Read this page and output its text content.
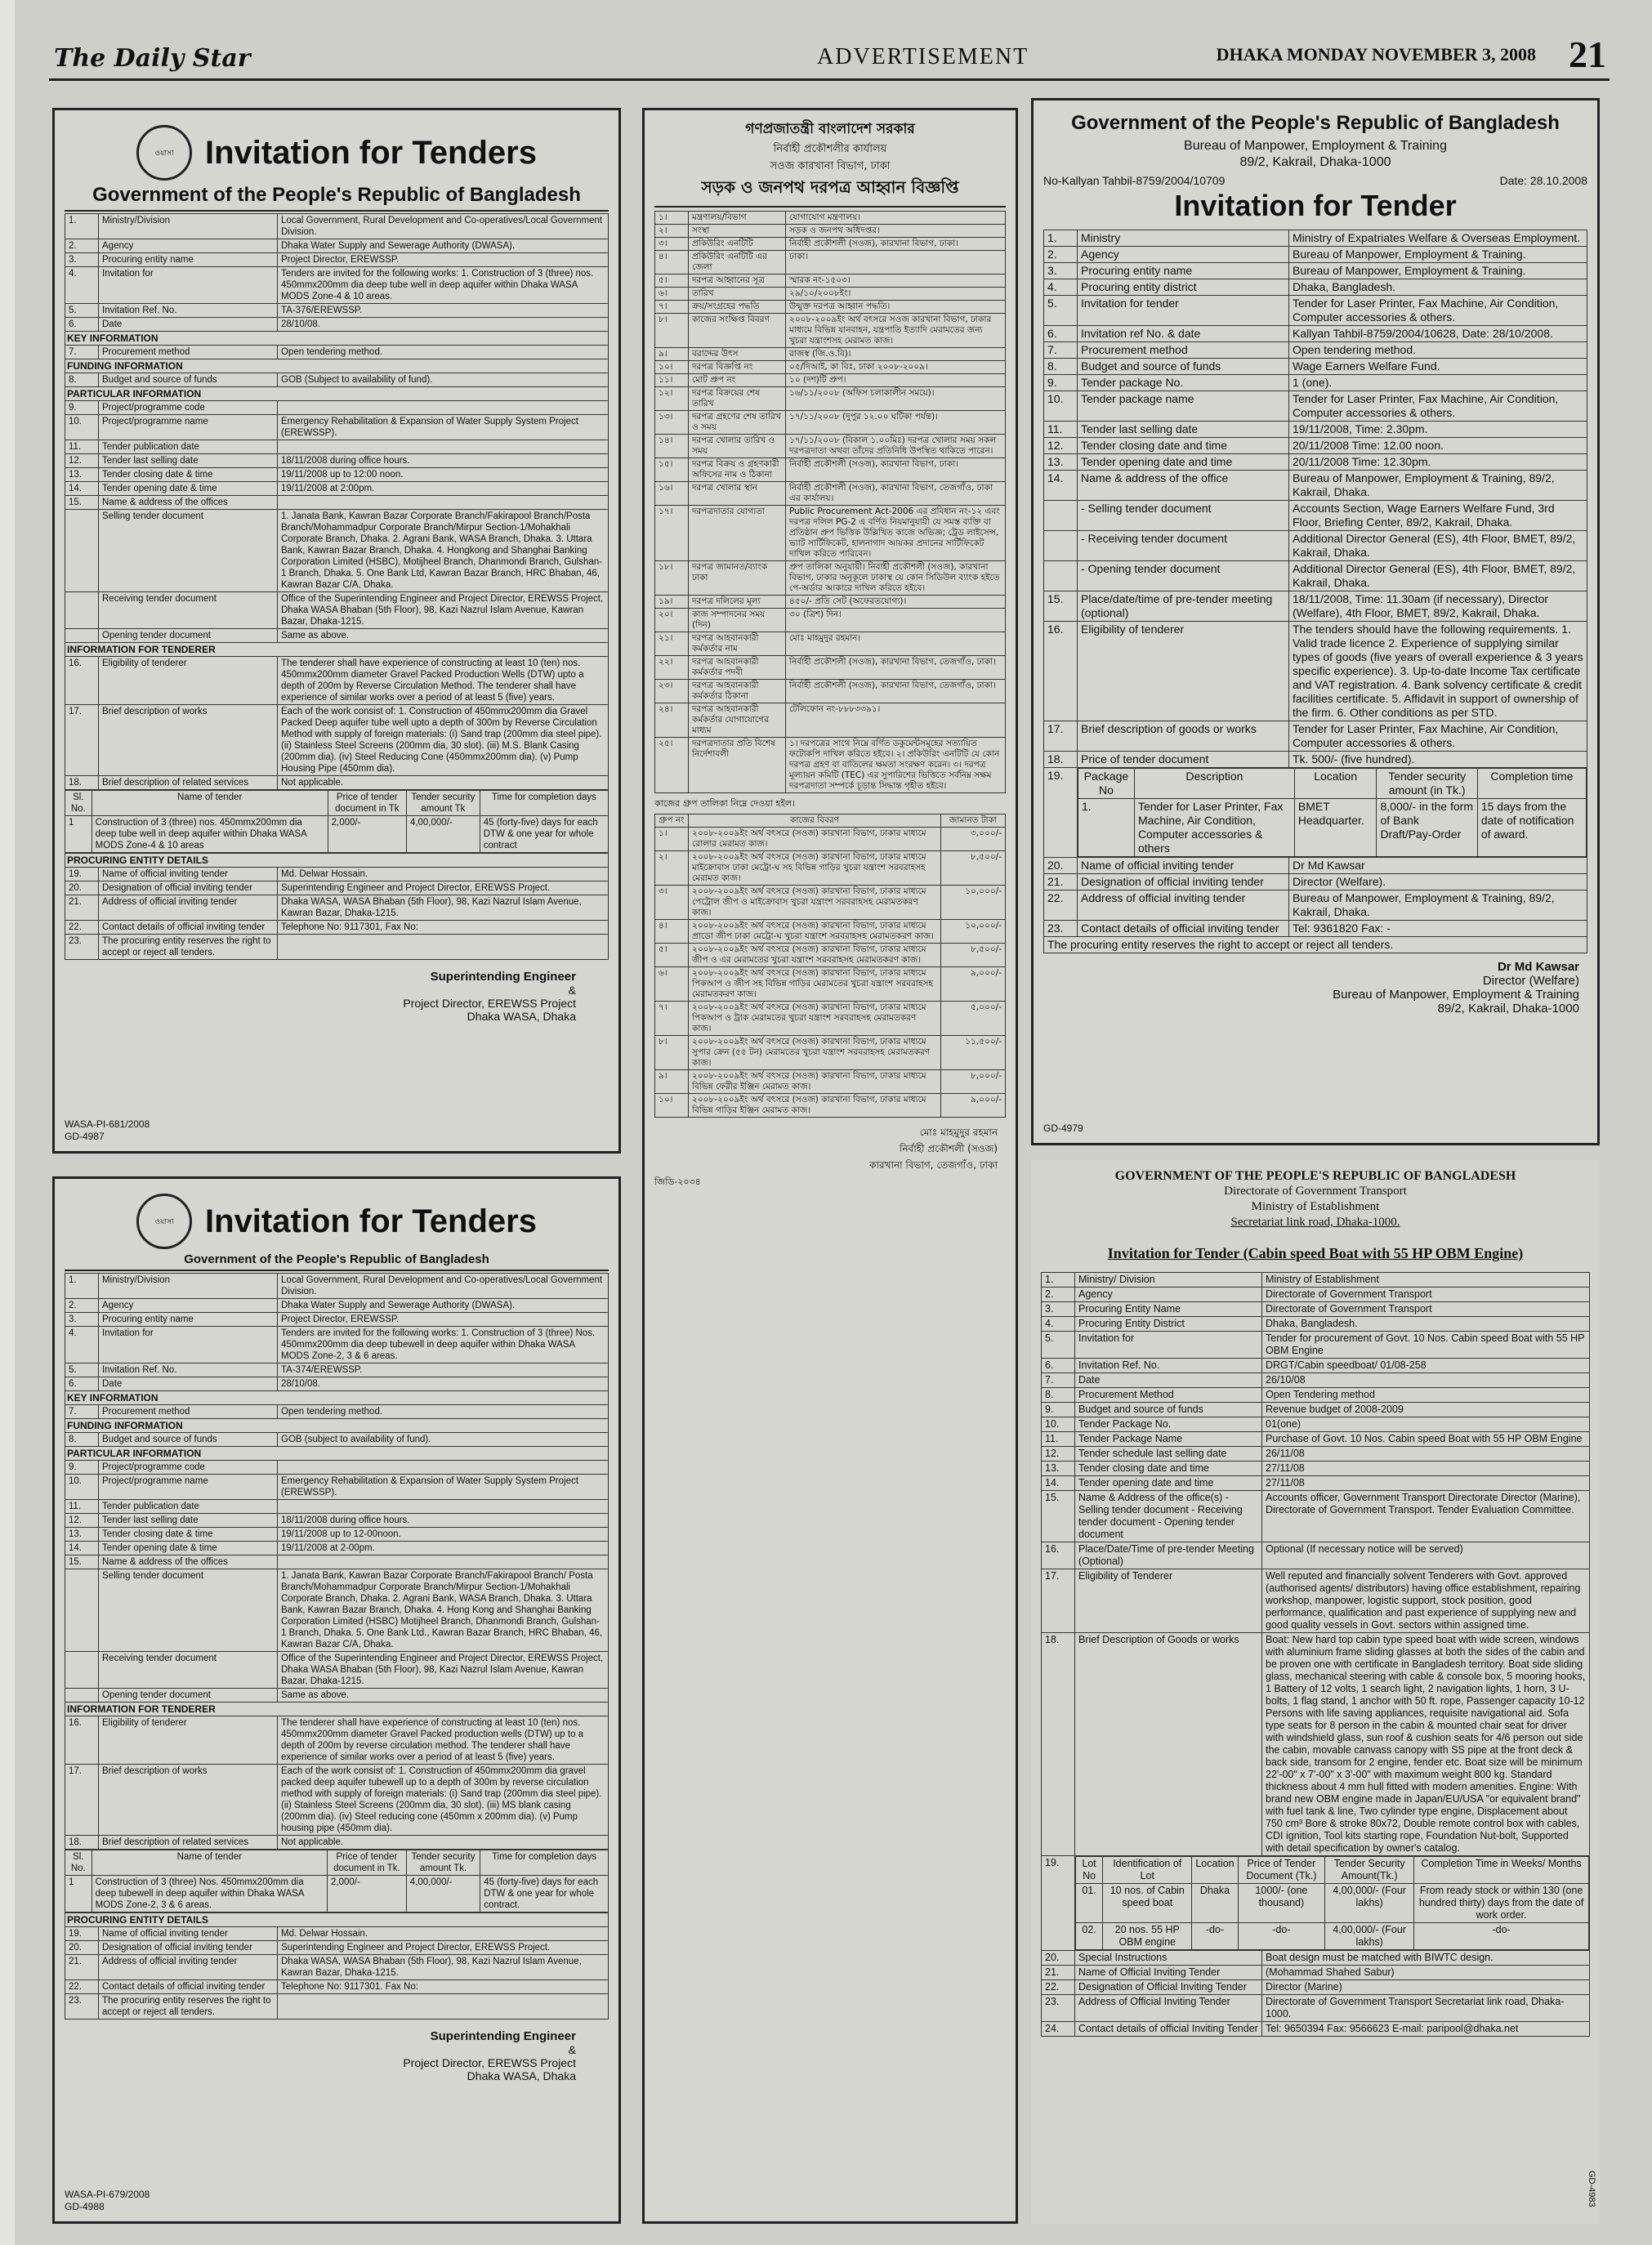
The Daily Star	ADVERTISEMENT	DHAKA MONDAY NOVEMBER 3, 2008 21
ওয়াসা Invitation for Tenders
Government of the People's Republic of Bangladesh
1.	Ministry/Division	Local Government, Rural Development and Co-operatives/Local Government Division.
2.	Agency	Dhaka Water Supply and Sewerage Authority (DWASA).
3.	Procuring entity name	Project Director, EREWSSP.
4.	Invitation for	Tenders are invited for the following works: 1. Construction of 3 (three) nos. 450mmx200mm dia deep tube well in deep aquifer within Dhaka WASA MODS Zone-4 & 10 areas.
5.	Invitation Ref. No.	TA-376/EREWSSP.
6.	Date	28/10/08.
KEY INFORMATION		
7.	Procurement method	Open tendering method.
FUNDING INFORMATION		
8.	Budget and source of funds	GOB (Subject to availability of fund).
PARTICULAR INFORMATION		
9.	Project/programme code	
10.	Project/programme name	Emergency Rehabilitation & Expansion of Water Supply System Project (EREWSSP).
11.	Tender publication date	
12.	Tender last selling date	18/11/2008 during office hours.
13.	Tender closing date & time	19/11/2008 up to 12:00 noon.
14.	Tender opening date & time	19/11/2008 at 2:00pm.
15.	Name & address of the offices	
	Selling tender document	1. Janata Bank, Kawran Bazar Corporate Branch/Fakirapool Branch/Posta Branch/Mohammadpur Corporate Branch/Mirpur Section-1/Mohakhali Corporate Branch, Dhaka. 2. Agrani Bank, WASA Branch, Dhaka. 3. Uttara Bank, Kawran Bazar Branch, Dhaka. 4. Hongkong and Shanghai Banking Corporation Limited (HSBC), Motijheel Branch, Dhanmondi Branch, Gulshan-1 Branch, Dhaka. 5. One Bank Ltd, Kawran Bazar Branch, HRC Bhaban, 46, Kawran Bazar C/A, Dhaka.
	Receiving tender document	Office of the Superintending Engineer and Project Director, EREWSS Project, Dhaka WASA Bhaban (5th Floor), 98, Kazi Nazrul Islam Avenue, Kawran Bazar, Dhaka-1215.
	Opening tender document	Same as above.
INFORMATION FOR TENDERER		
16.	Eligibility of tenderer	The tenderer shall have experience of constructing at least 10 (ten) nos. 450mmx200mm diameter Gravel Packed Production Wells (DTW) upto a depth of 200m by Reverse Circulation Method. The tenderer shall have experience of similar works over a period of at least 5 (five) years.
17.	Brief description of works	Each of the work consist of: 1. Construction of 450mmx200mm dia Gravel Packed Deep aquifer tube well upto a depth of 300m by Reverse Circulation Method with supply of foreign materials: (i) Sand trap (200mm dia steel pipe). (ii) Stainless Steel Screens (200mm dia, 30 slot). (iii) M.S. Blank Casing (200mm dia). (iv) Steel Reducing Cone (450mmx200mm dia). (v) Pump Housing Pipe (450mm dia).
18.	Brief description of related services	Not applicable.
Sl. No.	Name of tender	Price of tender document in Tk	Tender security amount Tk	Time for completion days
1	Construction of 3 (three) nos. 450mmx200mm dia deep tube well in deep aquifer within Dhaka WASA MODS Zone-4 & 10 areas	2,000/-	4,00,000/-	45 (forty-five) days for each DTW & one year for whole contract
PROCURING ENTITY DETAILS		
19.	Name of official inviting tender	Md. Delwar Hossain.
20.	Designation of official inviting tender	Superintending Engineer and Project Director, EREWSS Project.
21.	Address of official inviting tender	Dhaka WASA, WASA Bhaban (5th Floor), 98, Kazi Nazrul Islam Avenue, Kawran Bazar, Dhaka-1215.
22.	Contact details of official inviting tender	Telephone No: 9117301, Fax No:
23.	The procuring entity reserves the right to accept or reject all tenders.	
Superintending Engineer
&
Project Director, EREWSS Project
Dhaka WASA, Dhaka
WASA-PI-681/2008
GD-4987
ওয়াসা Invitation for Tenders
Government of the People's Republic of Bangladesh
1.	Ministry/Division	Local Government, Rural Development and Co-operatives/Local Government Division.
2.	Agency	Dhaka Water Supply and Sewerage Authority (DWASA).
3.	Procuring entity name	Project Director, EREWSSP.
4.	Invitation for	Tenders are invited for the following works: 1. Construction of 3 (three) Nos. 450mmx200mm dia deep tubewell in deep aquifer within Dhaka WASA MODS Zone-2, 3 & 6 areas.
5.	Invitation Ref. No.	TA-374/EREWSSP.
6.	Date	28/10/08.
KEY INFORMATION		
7.	Procurement method	Open tendering method.
FUNDING INFORMATION		
8.	Budget and source of funds	GOB (subject to availability of fund).
PARTICULAR INFORMATION		
9.	Project/programme code	
10.	Project/programme name	Emergency Rehabilitation & Expansion of Water Supply System Project (EREWSSP).
11.	Tender publication date	
12.	Tender last selling date	18/11/2008 during office hours.
13.	Tender closing date & time	19/11/2008 up to 12-00noon.
14.	Tender opening date & time	19/11/2008 at 2-00pm.
15.	Name & address of the offices	
	Selling tender document	1. Janata Bank, Kawran Bazar Corporate Branch/Fakirapool Branch/ Posta Branch/Mohammadpur Corporate Branch/Mirpur Section-1/Mohakhali Corporate Branch, Dhaka. 2. Agrani Bank, WASA Branch, Dhaka. 3. Uttara Bank, Kawran Bazar Branch, Dhaka. 4. Hong Kong and Shanghai Banking Corporation Limited (HSBC) Motijheel Branch, Dhanmondi Branch, Gulshan-1 Branch, Dhaka. 5. One Bank Ltd., Kawran Bazar Branch, HRC Bhaban, 46, Kawran Bazar C/A, Dhaka.
	Receiving tender document	Office of the Superintending Engineer and Project Director, EREWSS Project, Dhaka WASA Bhaban (5th Floor), 98, Kazi Nazrul Islam Avenue, Kawran Bazar, Dhaka-1215.
	Opening tender document	Same as above.
INFORMATION FOR TENDERER		
16.	Eligibility of tenderer	The tenderer shall have experience of constructing at least 10 (ten) nos. 450mmx200mm diameter Gravel Packed production wells (DTW) up to a depth of 200m by reverse circulation method. The tenderer shall have experience of similar works over a period of at least 5 (five) years.
17.	Brief description of works	Each of the work consist of: 1. Construction of 450mmx200mm dia gravel packed deep aquifer tubewell up to a depth of 300m by reverse circulation method with supply of foreign materials: (i) Sand trap (200mm dia steel pipe). (ii) Stainless Steel Screens (200mm dia, 30 slot). (iii) MS blank casing (200mm dia). (iv) Steel reducing cone (450mm x 200mm dia). (v) Pump housing pipe (450mm dia).
18.	Brief description of related services	Not applicable.
Sl. No.	Name of tender	Price of tender document in Tk.	Tender security amount Tk.	Time for completion days
1	Construction of 3 (three) Nos. 450mmx200mm dia deep tubewell in deep aquifer within Dhaka WASA MODS Zone-2, 3 & 6 areas.	2,000/-	4,00,000/-	45 (forty-five) days for each DTW & one year for whole contract.
PROCURING ENTITY DETAILS		
19.	Name of official inviting tender	Md. Delwar Hossain.
20.	Designation of official inviting tender	Superintending Engineer and Project Director, EREWSS Project.
21.	Address of official inviting tender	Dhaka WASA, WASA Bhaban (5th Floor), 98, Kazi Nazrul Islam Avenue, Kawran Bazar, Dhaka-1215.
22.	Contact details of official inviting tender	Telephone No: 9117301. Fax No:
23.	The procuring entity reserves the right to accept or reject all tenders.	
Superintending Engineer
&
Project Director, EREWSS Project
Dhaka WASA, Dhaka
WASA-PI-679/2008
GD-4988
গণপ্রজাতন্ত্রী বাংলাদেশ সরকার
নির্বাহী প্রকৌশলীর কার্যালয়
সওজ কারখানা বিভাগ, ঢাকা
সড়ক ও জনপথ দরপত্র আহ্বান বিজ্ঞপ্তি
১।	মন্ত্রণালয়/বিভাগ	যোগাযোগ মন্ত্রণালয়।
২।	সংস্থা	সড়ক ও জনপথ অধিদপ্তর।
৩।	প্রকিউরিং এনটিটি	নির্বাহী প্রকৌশলী (সওজ), কারখানা বিভাগ, ঢাকা।
৪।	প্রকিউরিং এনটিটি এর জেলা	ঢাকা।
৫।	দরপত্র আহ্বানের সূত্র	স্মারক নং-১৫০৩।
৬।	তারিখ	২৯/১০/২০০৮ইং।
৭।	ক্রয়/সংগ্রহের পদ্ধতি	উন্মুক্ত দরপত্র আহ্বান পদ্ধতি।
৮।	কাজের সংক্ষিপ্ত বিবরণ	২০০৮-২০০৯ইং অর্থ বৎসরে সওজ কারখানা বিভাগ, ঢাকার মাধ্যমে বিভিন্ন যানবাহন, যন্ত্রপাতি ইত্যাদি মেরামতের জন্য খুচরা যন্ত্রাংশসহ মেরামত কাজ।
৯।	বরাদ্দের উৎস	রাজস্ব (জি.ও.বি)।
১০।	দরপত্র বিজ্ঞপ্তি নং	০৫/দিআই, কা বিঃ, ঢাকা ২০০৮-২০০৯।
১১।	মোট প্রুপ নং	১০ (দশ)টি প্রুপ।
১২।	দরপত্র বিক্রয়ের শেষ তারিখ	১৬/১১/২০০৮ (অফিস চলাকালীন সময়ে)।
১৩।	দরপত্র গ্রহণের শেষ তারিখ ও সময়	১৭/১১/২০০৮ (দুপুর ১২.০০ ঘটিকা পর্যন্ত)।
১৪।	দরপত্র খোলার তারিখ ও সময়	১৭/১১/২০০৮ (বিকাল ১.০০মিঃ) দরপত্র খোলার সময় সকল দরপত্রদাতা অথবা তাঁদের প্রতিনিধি উপস্থিত থাকিতে পারেন।
১৫।	দরপত্র বিক্রয় ও গ্রহণকারী অফিসের নাম ও ঠিকানা	নির্বাহী প্রকৌশলী (সওজ), কারখানা বিভাগ, ঢাকা।
১৬।	দরপত্র খোলার স্থান	নির্বাহী প্রকৌশলী (সওজ), কারখানা বিভাগ, তেজগাঁও, ঢাকা এর কার্যালয়।
১৭।	দরপত্রদাতার যোগ্যতা	Public Procurement Act-2006 এর প্রবিধান নং-১২ এবং দরপত্র দলিল PG-2 এ বর্ণিত নিয়মানুযায়ী যে সমস্ত ব্যক্তি বা প্রতিষ্ঠান প্রুপ ভিত্তিক উল্লিখিত কাজে অভিজ্ঞ; ট্রেড লাইসেন্স, ভ্যাট সার্টিফিকেট, হালনাগাদ আয়কর প্রদানের সার্টিফিকেট দাখিল করিতে পারিবেন।
১৮।	দরপত্র জামানত/ব্যাংক ঢাকা	প্রুপ তালিকা অনুযায়ী। নিবাহী প্রকৌশলী (সওজ), কারখানা বিভাগ, ঢাকার অনুকূলে ঢাকাস্থ যে কোন সিডিউল ব্যাংক হইতে পে-অর্ডার আকারে দাখিল করিতে হইবে।
১৯।	দরপত্র দলিলের মূল্য	৪৫০/- প্রতি সেট (অফেরতযোগ্য)।
২০।	কাজ সম্পাদনের সময় (দিন)	৩০ (ত্রিশ) দিন।
২১।	দরপত্র আহবানকারী কর্মকর্তার নাম	মোঃ মাহমুদুর রহমান।
২২।	দরপত্র আহবানকারী কর্মকর্তার পদবী	নির্বাহী প্রকৌশলী (সওজ), কারখানা বিভাগ, তেজগাঁও, ঢাকা।
২৩।	দরপত্র আহবানকারী কর্মকর্তার ঠিকানা	নির্বাহী প্রকৌশলী (সওজ), কারখানা বিভাগ, তেজগাঁও, ঢাকা।
২৪।	দরপত্র আহবানকারী কর্মকর্তার যোগাযোগের মাধ্যম	টেলিফোন নং-৮৮৮৩৩৯১।
২৫।	দরপত্রদাতার প্রতি বিশেষ নির্দেশাবলী	১। দরপত্রের সাথে নিম্নে বর্ণিত ডকুমেন্টসমূহের সত্যায়িত ফটোকপি দাখিল করিতে হইবে। ২। প্রকিউরিং এনটিটি যে কোন দরপত্র গ্রহণ বা বাতিলের ক্ষমতা সংরক্ষণ করেন। ৩। দরপত্র মূল্যায়ন কমিটি (TEC) এর সুপারিশের ভিত্তিতে সর্বনিম্ন সক্ষম দরপত্রদাতা সম্পর্কে চূড়ান্ত সিদ্ধান্ত গৃহীত হইবে।
কাজের গ্রুপ তালিকা নিম্নে দেওয়া হইল।
গ্রুপ নং	কাজের বিবরণ	জামানত টাকা
১।	২০০৮-২০০৯ইং অর্থ বৎসরে (সওজ) কারখানা বিভাগ, ঢাকার মাধ্যমে রোলার মেরামত কাজ।	৩,০০০/-
২।	২০০৮-২০০৯ইং অর্থ বৎসরে (সওজ) কারখানা বিভাগ, ঢাকার মাধ্যমে মাইক্রোবাস ঢাকা মেট্রো-ঘ সহ বিভিন্ন গাড়ির খুচরা যন্ত্রাংশ সরবরাহসহ মেরামত কাজ।	৮,৫০০/-
৩।	২০০৮-২০০৯ইং অর্থ বৎসরে (সওজ) কারখানা বিভাগ, ঢাকার মাধ্যমে পেট্রোল জীপ ও মাইক্রোবাস খুচরা যন্ত্রাংশ সরবরাহসহ মেরামতকরণ কাজ।	১০,০০০/-
৪।	২০০৮-২০০৯ইং অর্থ বৎসরে (সওজ) কারখানা বিভাগ, ঢাকার মাধ্যমে প্রাডো জীপ ঢাকা মেট্রো-ঘ খুচরা যন্ত্রাংশ সরবরাহসহ মেরামতকরণ কাজ।	১০,০০০/-
৫।	২০০৮-২০০৯ইং অর্থ বৎসরে (সওজ) কারখানা বিভাগ, ঢাকার মাধ্যমে জীপ ও এর মেরামতের খুচরা যন্ত্রাংশ সরবরাহসহ মেরামতকরণ কাজ।	৮,৫০০/-
৬।	২০০৮-২০০৯ইং অর্থ বৎসরে (সওজ) কারখানা বিভাগ, ঢাকার মাধ্যমে পিকআপ ও জীপ সহ বিভিন্ন গাড়ির মেরামতের খুচরা যন্ত্রাংশ সরবরাহসহ মেরামতকরণ কাজ।	৯,০০০/-
৭।	২০০৮-২০০৯ইং অর্থ বৎসরে (সওজ) কারখানা বিভাগ, ঢাকার মাধ্যমে পিকআপ ও ট্রাক মেরামতের খুচরা যন্ত্রাংশ সরবরাহসহ মেরামতকরণ কাজ।	৫,০০০/-
৮।	২০০৮-২০০৯ইং অর্থ বৎসরে (সওজ) কারখানা বিভাগ, ঢাকার মাধ্যমে সুপার ক্রেন (৫৫ টন) মেরামতের খুচরা যন্ত্রাংশ সরবরাহসহ মেরামতকরণ কাজ।	১১,৫০০/-
৯।	২০০৮-২০০৯ইং অর্থ বৎসরে (সওজ) কারখানা বিভাগ, ঢাকার মাধ্যমে বিভিন্ন ফেরীর ইঞ্জিন মেরামত কাজ।	৮,০০০/-
১০।	২০০৮-২০০৯ইং অর্থ বৎসরে (সওজ) কারখানা বিভাগ, ঢাকার মাধ্যমে বিভিন্ন গাড়ির ইঞ্জিন মেরামত কাজ।	৯,০০০/-
মোঃ মাহমুদুর রহমান
নির্বাহী প্রকৌশলী (সওজ)
কারখানা বিভাগ, তেজগাঁও, ঢাকা
জিডি-২০৩৪
Government of the People's Republic of Bangladesh
Bureau of Manpower, Employment & Training
89/2, Kakrail, Dhaka-1000
No-Kallyan Tahbil-8759/2004/10709	Date: 28.10.2008
Invitation for Tender
1.	Ministry	Ministry of Expatriates Welfare & Overseas Employment.
2.	Agency	Bureau of Manpower, Employment & Training.
3.	Procuring entity name	Bureau of Manpower, Employment & Training.
4.	Procuring entity district	Dhaka, Bangladesh.
5.	Invitation for tender	Tender for Laser Printer, Fax Machine, Air Condition, Computer accessories & others.
6.	Invitation ref No. & date	Kallyan Tahbil-8759/2004/10628, Date: 28/10/2008.
7.	Procurement method	Open tendering method.
8.	Budget and source of funds	Wage Earners Welfare Fund.
9.	Tender package No.	1 (one).
10.	Tender package name	Tender for Laser Printer, Fax Machine, Air Condition, Computer accessories & others.
11.	Tender last selling date	19/11/2008, Time: 2.30pm.
12.	Tender closing date and time	20/11/2008 Time: 12.00 noon.
13.	Tender opening date and time	20/11/2008 Time: 12.30pm.
14.	Name & address of the office	Bureau of Manpower, Employment & Training, 89/2, Kakrail, Dhaka.
	- Selling tender document	Accounts Section, Wage Earners Welfare Fund, 3rd Floor, Briefing Center, 89/2, Kakrail, Dhaka.
	- Receiving tender document	Additional Director General (ES), 4th Floor, BMET, 89/2, Kakrail, Dhaka.
	- Opening tender document	Additional Director General (ES), 4th Floor, BMET, 89/2, Kakrail, Dhaka.
15.	Place/date/time of pre-tender meeting (optional)	18/11/2008, Time: 11.30am (if necessary), Director (Welfare), 4th Floor, BMET, 89/2, Kakrail, Dhaka.
16.	Eligibility of tenderer	The tenders should have the following requirements. 1. Valid trade licence 2. Experience of supplying similar types of goods (five years of overall experience & 3 years specific experience). 3. Up-to-date Income Tax certificate and VAT registration. 4. Bank solvency certificate & credit facilities certificate. 5. Affidavit in support of ownership of the firm. 6. Other conditions as per STD.
17.	Brief description of goods or works	Tender for Laser Printer, Fax Machine, Air Condition, Computer accessories & others.
18.	Price of tender document	Tk. 500/- (five hundred).
19.	Package No	Description	Location	Tender security amount (in Tk.)	Completion time
1.	Tender for Laser Printer, Fax Machine, Air Condition, Computer accessories & others	BMET Headquarter.	8,000/- in the form of Bank Draft/Pay-Order	15 days from the date of notification of award.

20.	Name of official inviting tender	Dr Md Kawsar
21.	Designation of official inviting tender	Director (Welfare).
22.	Address of official inviting tender	Bureau of Manpower, Employment & Training, 89/2, Kakrail, Dhaka.
23.	Contact details of official inviting tender	Tel: 9361820 Fax: -
The procuring entity reserves the right to accept or reject all tenders.
Dr Md Kawsar
Director (Welfare)
Bureau of Manpower, Employment & Training
89/2, Kakrail, Dhaka-1000
GD-4979
GOVERNMENT OF THE PEOPLE'S REPUBLIC OF BANGLADESH
Directorate of Government Transport
Ministry of Establishment
Secretariat link road, Dhaka-1000.
Invitation for Tender (Cabin speed Boat with 55 HP OBM Engine)
1.	Ministry/ Division	Ministry of Establishment
2.	Agency	Directorate of Government Transport
3.	Procuring Entity Name	Directorate of Government Transport
4.	Procuring Entity District	Dhaka, Bangladesh.
5.	Invitation for	Tender for procurement of Govt. 10 Nos. Cabin speed Boat with 55 HP OBM Engine
6.	Invitation Ref. No.	DRGT/Cabin speedboat/ 01/08-258
7.	Date	26/10/08
8.	Procurement Method	Open Tendering method
9.	Budget and source of funds	Revenue budget of 2008-2009
10.	Tender Package No.	01(one)
11.	Tender Package Name	Purchase of Govt. 10 Nos. Cabin speed Boat with 55 HP OBM Engine
12.	Tender schedule last selling date	26/11/08
13.	Tender closing date and time	27/11/08
14.	Tender opening date and time	27/11/08
15.	Name & Address of the office(s) - Selling tender document - Receiving tender document - Opening tender document	Accounts officer, Government Transport Directorate Director (Marine), Directorate of Government Transport. Tender Evaluation Committee.
16.	Place/Date/Time of pre-tender Meeting (Optional)	Optional (If necessary notice will be served)
17.	Eligibility of Tenderer	Well reputed and financially solvent Tenderers with Govt. approved (authorised agents/ distributors) having office establishment, repairing workshop, manpower, logistic support, stock position, good performance, qualification and past experience of supplying new and good quality vessels in Govt. sectors within assigned time.
18.	Brief Description of Goods or works	Boat: New hard top cabin type speed boat with wide screen, windows with aluminium frame sliding glasses at both the sides of the cabin and be proven one with certificate in Bangladesh territory. Boat side sliding glass, mechanical steering with cable & console box, 5 mooring hooks, 1 Battery of 12 volts, 1 search light, 2 navigation lights, 1 horn, 3 U-bolts, 1 flag stand, 1 anchor with 50 ft. rope, Passenger capacity 10-12 Persons with life saving appliances, requisite navigational aid. Sofa type seats for 8 person in the cabin & mounted chair seat for driver with windshield glass, sun roof & cushion seats for 4/6 person out side the cabin, movable canvass canopy with SS pipe at the front deck & back side, transom for 2 engine, fender etc. Boat size will be minimum 22'-00" x 7'-00" x 3'-00" with maximum weight 800 kg. Standard thickness about 4 mm hull fitted with modern amenities. Engine: With brand new OBM engine made in Japan/EU/USA "or equivalent brand" with fuel tank & line, Two cylinder type engine, Displacement about 750 cm³ Bore & stroke 80x72, Double remote control box with cables, CDI ignition, Tool kits starting rope, Foundation Nut-bolt, Supported with detail specification by owner's catalog.
19.	Lot No	Identification of Lot	Location	Price of Tender Document (Tk.)	Tender Security Amount(Tk.)	Completion Time in Weeks/ Months
01.	10 nos. of Cabin speed boat	Dhaka	1000/- (one thousand)	4,00,000/- (Four lakhs)	From ready stock or within 130 (one hundred thirty) days from the date of work order.
02.	20 nos. 55 HP OBM engine	-do-	-do-	4,00,000/- (Four lakhs)	-do-

20.	Special Instructions	Boat design must be matched with BIWTC design.
21.	Name of Official Inviting Tender	(Mohammad Shahed Sabur)
22.	Designation of Official Inviting Tender	Director (Marine)
23.	Address of Official Inviting Tender	Directorate of Government Transport Secretariat link road, Dhaka-1000.
24.	Contact details of official Inviting Tender	Tel: 9650394 Fax: 9566623 E-mail: paripool@dhaka.net
GD-4983
